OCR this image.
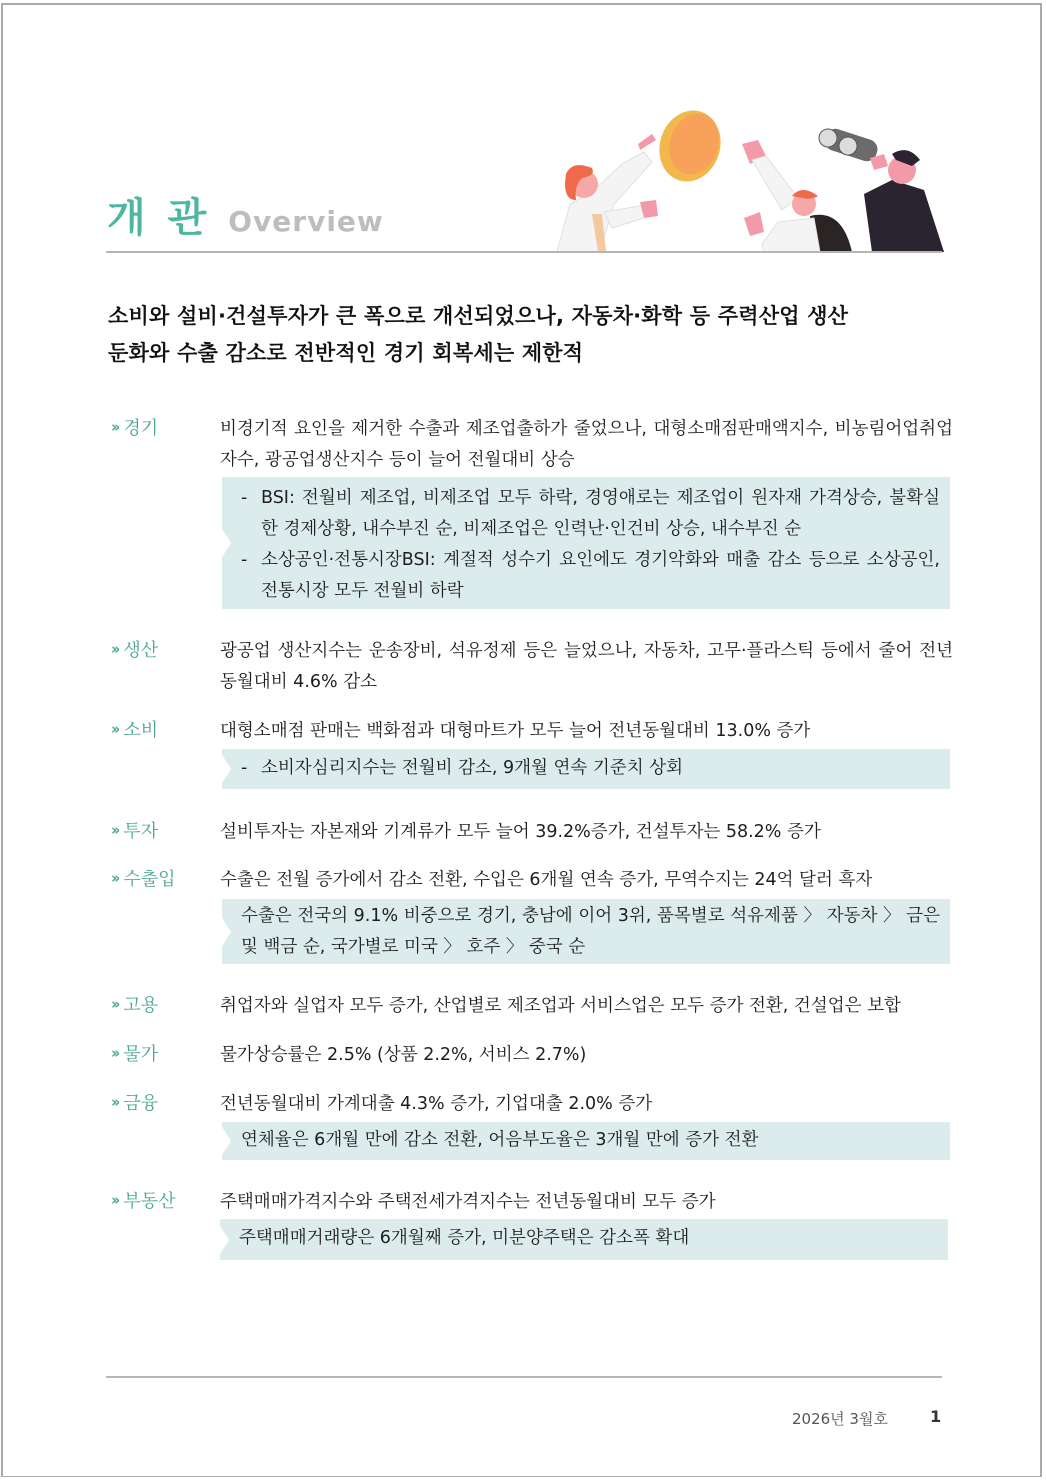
개 관 Overview
소비와 설비·건설투자가 큰 폭으로 개선되었으나, 자동차·화학 등 주력산업 생산
둔화와 수출 감소로 전반적인 경기 회복세는 제한적
›› 경기	비경기적 요인을 제거한 수출과 제조업출하가 줄었으나, 대형소매점판매액지수, 비농림어업취업자수, 광공업생산지수 등이 늘어 전월대비 상승
- BSI: 전월비 제조업, 비제조업 모두 하락, 경영애로는 제조업이 원자재 가격상승, 불확실한 경제상황, 내수부진 순, 비제조업은 인력난·인건비 상승, 내수부진 순
- 소상공인·전통시장BSI: 계절적 성수기 요인에도 경기악화와 매출 감소 등으로 소상공인, 전통시장 모두 전월비 하락
›› 생산	광공업 생산지수는 운송장비, 석유정제 등은 늘었으나, 자동차, 고무·플라스틱 등에서 줄어 전년동월대비 4.6% 감소
›› 소비	대형소매점 판매는 백화점과 대형마트가 모두 늘어 전년동월대비 13.0% 증가
- 소비자심리지수는 전월비 감소, 9개월 연속 기준치 상회
›› 투자	설비투자는 자본재와 기계류가 모두 늘어 39.2%증가, 건설투자는 58.2% 증가
›› 수출입	수출은 전월 증가에서 감소 전환, 수입은 6개월 연속 증가, 무역수지는 24억 달러 흑자
수출은 전국의 9.1% 비중으로 경기, 충남에 이어 3위, 품목별로 석유제품 〉 자동차 〉 금은 및 백금 순, 국가별로 미국 〉 호주 〉 중국 순
›› 고용	취업자와 실업자 모두 증가, 산업별로 제조업과 서비스업은 모두 증가 전환, 건설업은 보합
›› 물가	물가상승률은 2.5% (상품 2.2%, 서비스 2.7%)
›› 금융	전년동월대비 가계대출 4.3% 증가, 기업대출 2.0% 증가
연체율은 6개월 만에 감소 전환, 어음부도율은 3개월 만에 증가 전환
›› 부동산	주택매매가격지수와 주택전세가격지수는 전년동월대비 모두 증가
주택매매거래량은 6개월째 증가, 미분양주택은 감소폭 확대
2026년 3월호	1
